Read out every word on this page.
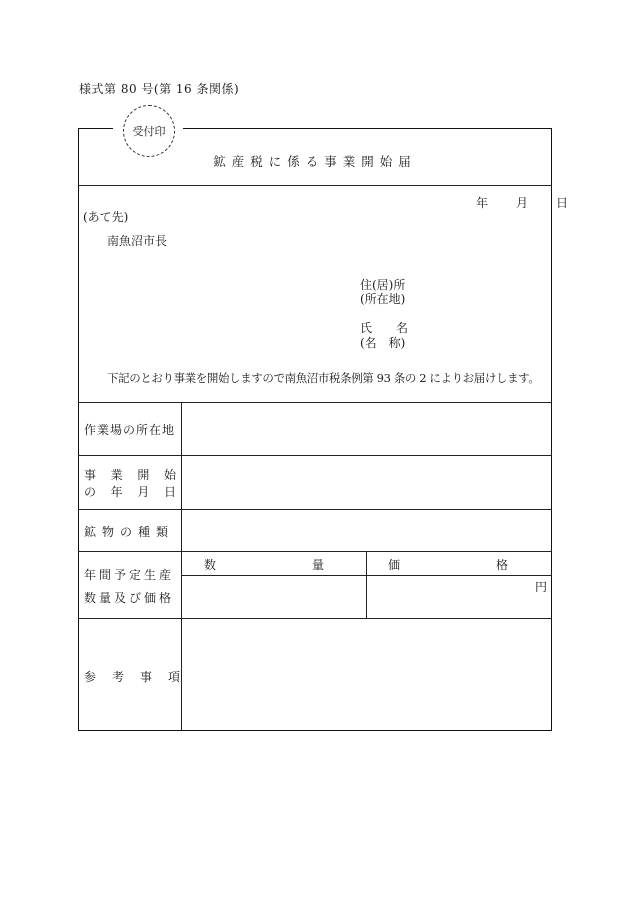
様式第 80 号(第 16 条関係)
受付印
鉱産税に係る事業開始届
年　月　日
(あて先)
南魚沼市長
住(居)所
(所在地)
氏　　名
(名　称)
下記のとおり事業を開始しますので南魚沼市税条例第 93 条の 2 によりお届けします。
作業場の所在地
事 業 開 始
の 年 月 日
鉱物の種類
年間予定生産
数量及び価格
数　　　　　　　　量	価　　　　　　　　格
円
参考事項
